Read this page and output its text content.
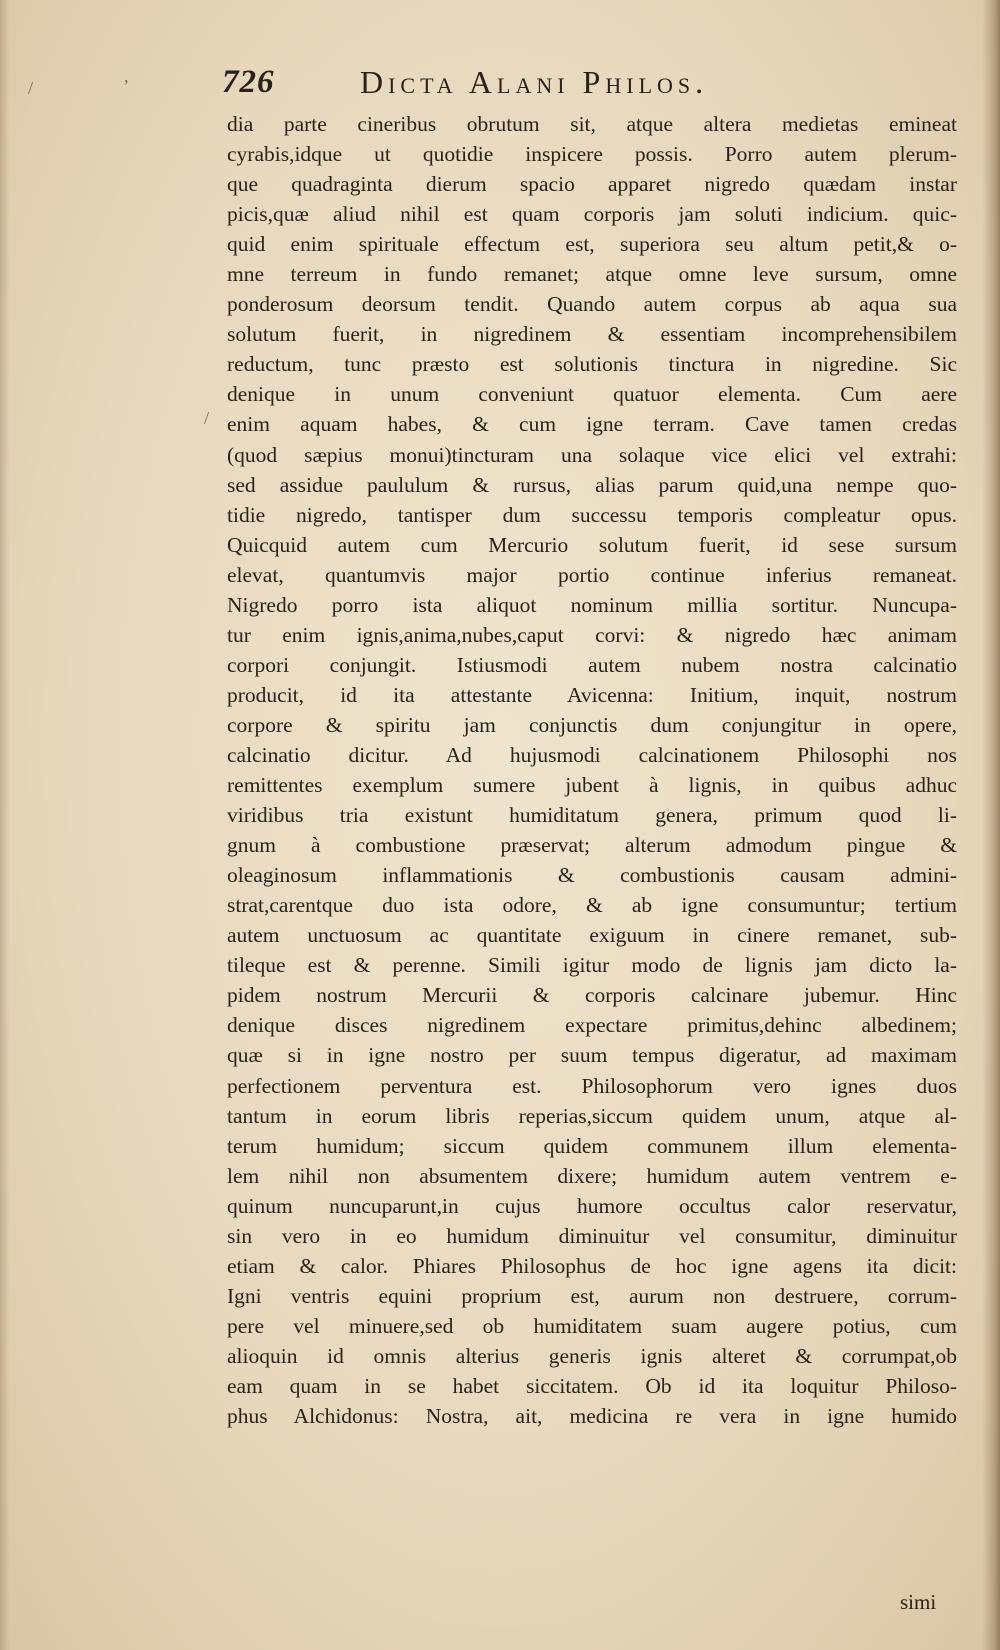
/
,
/
726	Dicta Alani Philos.
dia parte cineribus obrutum sit, atque altera medietas emineat
cyrabis,idque ut quotidie inspicere possis. Porro autem plerum-
que quadraginta dierum spacio apparet nigredo quædam instar
picis,quæ aliud nihil est quam corporis jam soluti indicium. quic-
quid enim spirituale effectum est, superiora seu altum petit,& o-
mne terreum in fundo remanet; atque omne leve sursum, omne
ponderosum deorsum tendit. Quando autem corpus ab aqua sua
solutum fuerit, in nigredinem & essentiam incomprehensibilem
reductum, tunc præsto est solutionis tinctura in nigredine. Sic
denique in unum conveniunt quatuor elementa. Cum aere
enim aquam habes, & cum igne terram. Cave tamen credas
(quod sæpius monui)tincturam una solaque vice elici vel extrahi:
sed assidue paululum & rursus, alias parum quid,una nempe quo-
tidie nigredo, tantisper dum successu temporis compleatur opus.
Quicquid autem cum Mercurio solutum fuerit, id sese sursum
elevat, quantumvis major portio continue inferius remaneat.
Nigredo porro ista aliquot nominum millia sortitur. Nuncupa-
tur enim ignis,anima,nubes,caput corvi: & nigredo hæc animam
corpori conjungit. Istiusmodi autem nubem nostra calcinatio
producit, id ita attestante Avicenna: Initium, inquit, nostrum
corpore & spiritu jam conjunctis dum conjungitur in opere,
calcinatio dicitur. Ad hujusmodi calcinationem Philosophi nos
remittentes exemplum sumere jubent à lignis, in quibus adhuc
viridibus tria existunt humiditatum genera, primum quod li-
gnum à combustione præservat; alterum admodum pingue &
oleaginosum inflammationis & combustionis causam admini-
strat,carentque duo ista odore, & ab igne consumuntur; tertium
autem unctuosum ac quantitate exiguum in cinere remanet, sub-
tileque est & perenne. Simili igitur modo de lignis jam dicto la-
pidem nostrum Mercurii & corporis calcinare jubemur. Hinc
denique disces nigredinem expectare primitus,dehinc albedinem;
quæ si in igne nostro per suum tempus digeratur, ad maximam
perfectionem perventura est. Philosophorum vero ignes duos
tantum in eorum libris reperias,siccum quidem unum, atque al-
terum humidum; siccum quidem communem illum elementa-
lem nihil non absumentem dixere; humidum autem ventrem e-
quinum nuncuparunt,in cujus humore occultus calor reservatur,
sin vero in eo humidum diminuitur vel consumitur, diminuitur
etiam & calor. Phiares Philosophus de hoc igne agens ita dicit:
Igni ventris equini proprium est, aurum non destruere, corrum-
pere vel minuere,sed ob humiditatem suam augere potius, cum
alioquin id omnis alterius generis ignis alteret & corrumpat,ob
eam quam in se habet siccitatem. Ob id ita loquitur Philoso-
phus Alchidonus: Nostra, ait, medicina re vera in igne humido
simi
